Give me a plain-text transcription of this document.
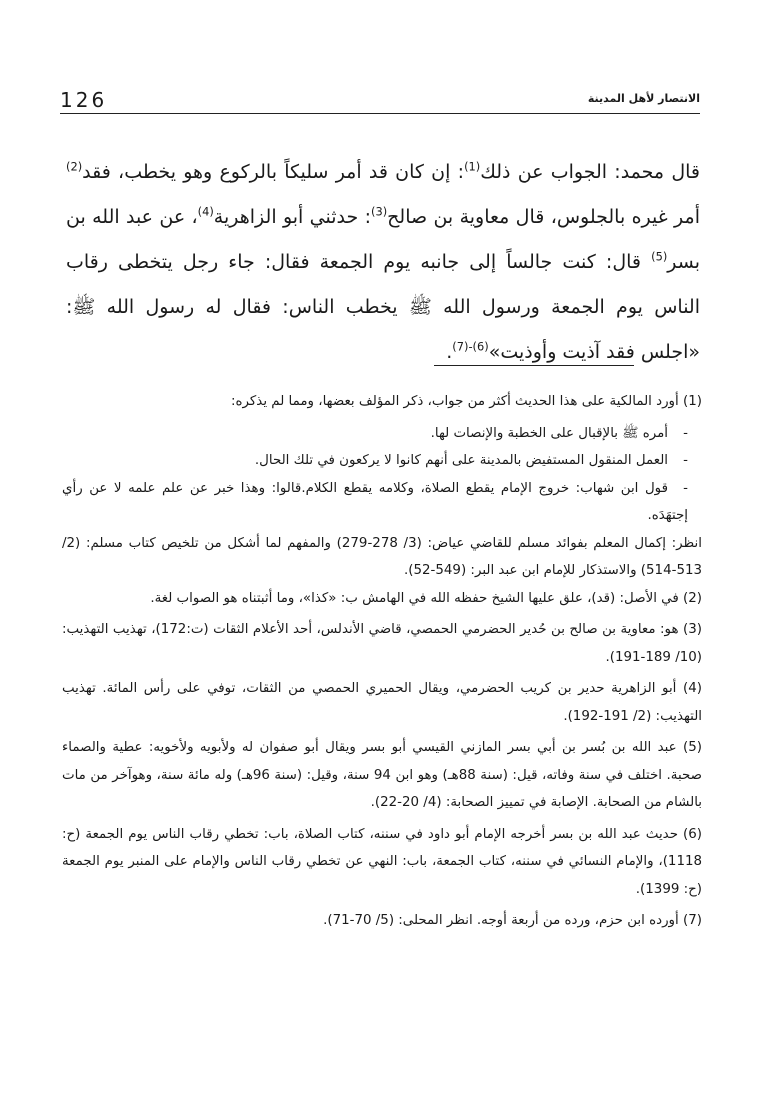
126	الانتصار لأهل المدينة

قال محمد: الجواب عن ذلك$^{(1)}$: إن كان قد أمر سليكاً بالركوع وهو يخطب، فقد$^{(2)}$ أمر غيره بالجلوس، قال معاوية بن صالح$^{(3)}$: حدثني أبو الزاهرية$^{(4)}$، عن عبد الله بن بسر$^{(5)}$ قال: كنت جالساً إلى جانبه يوم الجمعة فقال: جاء رجل يتخطى رقاب الناس يوم الجمعة ورسول الله ﷺ يخطب الناس: فقال له رسول الله ﷺ: «اجلس فقد آذيت وأوذيت»$^{(6)-(7)}$.

(1) أورد المالكية على هذا الحديث أكثر من جواب، ذكر المؤلف بعضها، ومما لم يذكره:

-أمره ﷺ بالإقبال على الخطبة والإنصات لها.

-العمل المنقول المستفيض بالمدينة على أنهم كانوا لا يركعون في تلك الحال.

-قول ابن شهاب: خروج الإمام يقطع الصلاة، وكلامه يقطع الكلام.قالوا: وهذا خبر عن علم علمه لا عن رأي إجتهَدَه.

انظر: إكمال المعلم بفوائد مسلم للقاضي عياض: (3/ 278-279) والمفهم لما أشكل من تلخيص كتاب مسلم: (2/ 513-514) والاستذكار للإمام ابن عبد البر: (549-52).

(2) في الأصل: (قد)، علق عليها الشيخ حفظه الله في الهامش ب: «كذا»، وما أثبتناه هو الصواب لغة.

(3) هو: معاوية بن صالح بن حُدير الحضرمي الحمصي، قاضي الأندلس، أحد الأعلام الثقات (ت:172)، تهذيب التهذيب: (10/ 189-191).

(4) أبو الزاهرية حدير بن كريب الحضرمي، ويقال الحميري الحمصي من الثقات، توفي على رأس المائة. تهذيب التهذيب: (2/ 191-192).

(5) عبد الله بن بُسر بن أبي بسر المازني القيسي أبو بسر ويقال أبو صفوان له ولأبويه ولأخويه: عطية والصماء صحبة. اختلف في سنة وفاته، قيل: (سنة 88هـ) وهو ابن 94 سنة، وقيل: (سنة 96هـ) وله مائة سنة، وهوآخر من مات بالشام من الصحابة. الإصابة في تمييز الصحابة: (4/ 20-22).

(6) حديث عبد الله بن بسر أخرجه الإمام أبو داود في سننه، كتاب الصلاة، باب: تخطي رقاب الناس يوم الجمعة (ح: 1118)، والإمام النسائي في سننه، كتاب الجمعة، باب: النهي عن تخطي رقاب الناس والإمام على المنبر يوم الجمعة (ح: 1399).

(7) أورده ابن حزم، ورده من أربعة أوجه. انظر المحلى: (5/ 70-71).
